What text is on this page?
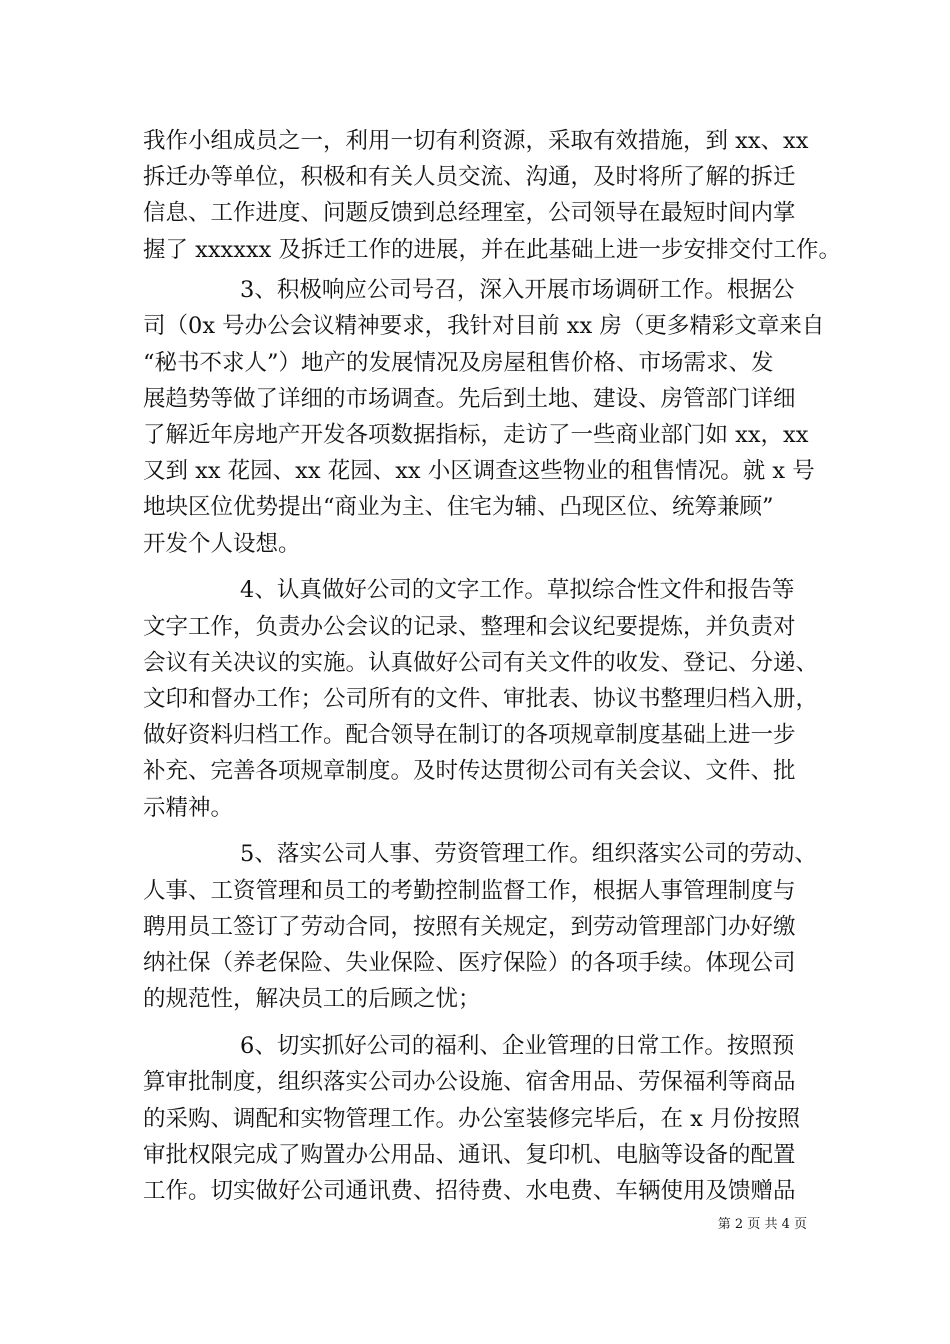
我作小组成员之一，利用一切有利资源，采取有效措施，到 xx、xx
拆迁办等单位，积极和有关人员交流、沟通，及时将所了解的拆迁
信息、工作进度、问题反馈到总经理室，公司领导在最短时间内掌
握了 xxxxxx 及拆迁工作的进展，并在此基础上进一步安排交付工作。
3、积极响应公司号召，深入开展市场调研工作。根据公
司（0x 号办公会议精神要求，我针对目前 xx 房（更多精彩文章来自
“秘书不求人”）地产的发展情况及房屋租售价格、市场需求、发
展趋势等做了详细的市场调查。先后到土地、建设、房管部门详细
了解近年房地产开发各项数据指标，走访了一些商业部门如 xx，xx
又到 xx 花园、xx 花园、xx 小区调查这些物业的租售情况。就 x 号
地块区位优势提出“商业为主、住宅为辅、凸现区位、统筹兼顾”
开发个人设想。
4、认真做好公司的文字工作。草拟综合性文件和报告等
文字工作，负责办公会议的记录、整理和会议纪要提炼，并负责对
会议有关决议的实施。认真做好公司有关文件的收发、登记、分递、
文印和督办工作；公司所有的文件、审批表、协议书整理归档入册，
做好资料归档工作。配合领导在制订的各项规章制度基础上进一步
补充、完善各项规章制度。及时传达贯彻公司有关会议、文件、批
示精神。
5、落实公司人事、劳资管理工作。组织落实公司的劳动、
人事、工资管理和员工的考勤控制监督工作，根据人事管理制度与
聘用员工签订了劳动合同，按照有关规定，到劳动管理部门办好缴
纳社保（养老保险、失业保险、医疗保险）的各项手续。体现公司
的规范性，解决员工的后顾之忧；
6、切实抓好公司的福利、企业管理的日常工作。按照预
算审批制度，组织落实公司办公设施、宿舍用品、劳保福利等商品
的采购、调配和实物管理工作。办公室装修完毕后，在 x 月份按照
审批权限完成了购置办公用品、通讯、复印机、电脑等设备的配置
工作。切实做好公司通讯费、招待费、水电费、车辆使用及馈赠品
第 2 页 共 4 页
